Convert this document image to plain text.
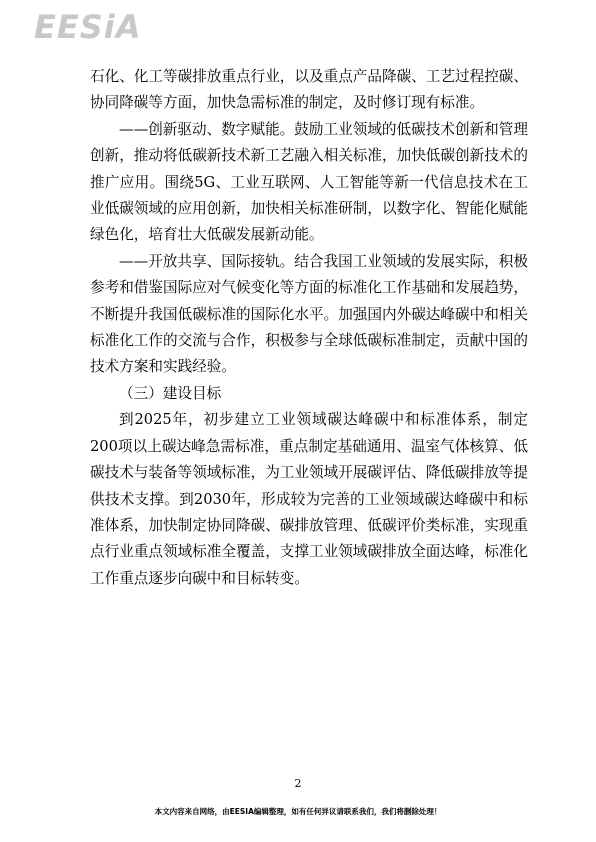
EESiA

石化、化工等碳排放重点行业，以及重点产品降碳、工艺过程控碳、协同降碳等方面，加快急需标准的制定，及时修订现有标准。

——创新驱动、数字赋能。鼓励工业领域的低碳技术创新和管理创新，推动将低碳新技术新工艺融入相关标准，加快低碳创新技术的推广应用。围绕5G、工业互联网、人工智能等新一代信息技术在工业低碳领域的应用创新，加快相关标准研制，以数字化、智能化赋能绿色化，培育壮大低碳发展新动能。

——开放共享、国际接轨。结合我国工业领域的发展实际，积极参考和借鉴国际应对气候变化等方面的标准化工作基础和发展趋势，不断提升我国低碳标准的国际化水平。加强国内外碳达峰碳中和相关标准化工作的交流与合作，积极参与全球低碳标准制定，贡献中国的技术方案和实践经验。

（三）建设目标

到2025年，初步建立工业领域碳达峰碳中和标准体系，制定200项以上碳达峰急需标准，重点制定基础通用、温室气体核算、低碳技术与装备等领域标准，为工业领域开展碳评估、降低碳排放等提供技术支撑。到2030年，形成较为完善的工业领域碳达峰碳中和标准体系，加快制定协同降碳、碳排放管理、低碳评价类标准，实现重点行业重点领域标准全覆盖，支撑工业领域碳排放全面达峰，标准化工作重点逐步向碳中和目标转变。

2
本文内容来自网络，由EESIA编辑整理，如有任何异议请联系我们，我们将删除处理！
